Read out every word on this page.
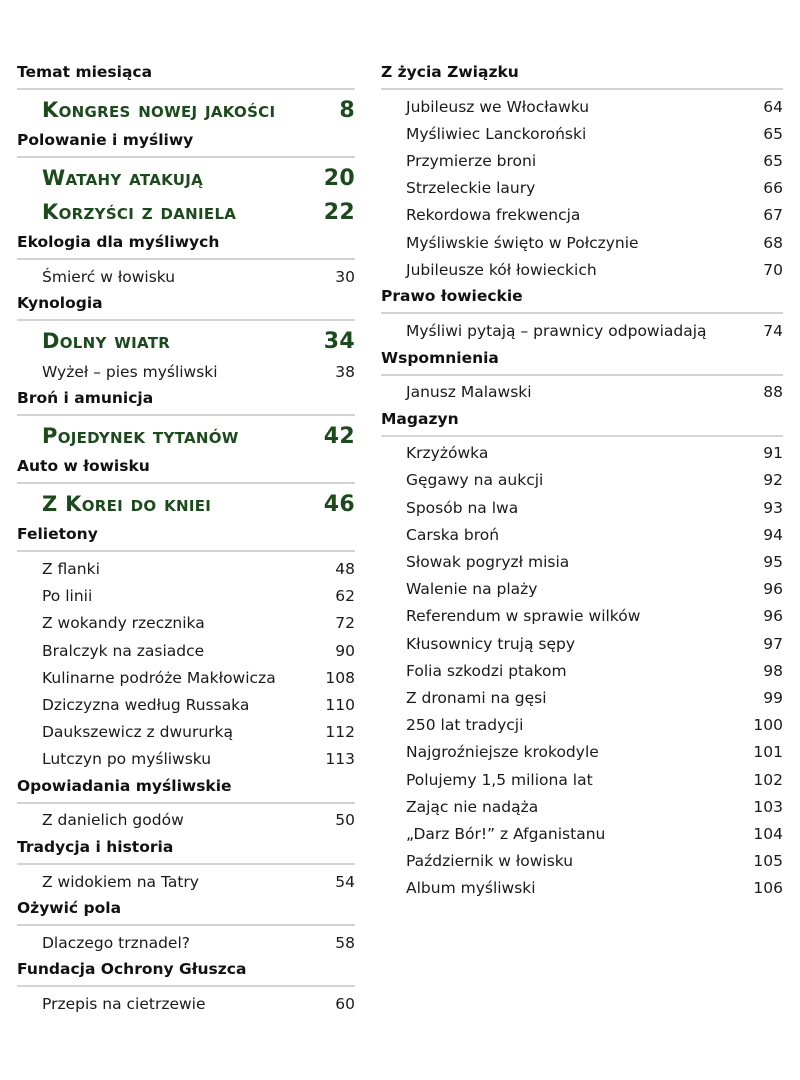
Temat miesiąca
Kongres nowej jakości	8
Polowanie i myśliwy
Watahy atakują	20
Korzyści z daniela	22
Ekologia dla myśliwych
Śmierć w łowisku	30
Kynologia
Dolny wiatr	34
Wyżeł – pies myśliwski	38
Broń i amunicja
Pojedynek tytanów	42
Auto w łowisku
Z Korei do kniei	46
Felietony
Z flanki	48
Po linii	62
Z wokandy rzecznika	72
Bralczyk na zasiadce	90
Kulinarne podróże Makłowicza	108
Dziczyzna według Russaka	110
Daukszewicz z dwururką	112
Lutczyn po myśliwsku	113
Opowiadania myśliwskie
Z danielich godów	50
Tradycja i historia
Z widokiem na Tatry	54
Ożywić pola
Dlaczego trznadel?	58
Fundacja Ochrony Głuszca
Przepis na cietrzewie	60
Z życia Związku
Jubileusz we Włocławku	64
Myśliwiec Lanckoroński	65
Przymierze broni	65
Strzeleckie laury	66
Rekordowa frekwencja	67
Myśliwskie święto w Połczynie	68
Jubileusze kół łowieckich	70
Prawo łowieckie
Myśliwi pytają – prawnicy odpowiadają	74
Wspomnienia
Janusz Malawski	88
Magazyn
Krzyżówka	91
Gęgawy na aukcji	92
Sposób na lwa	93
Carska broń	94
Słowak pogryzł misia	95
Walenie na plaży	96
Referendum w sprawie wilków	96
Kłusownicy trują sępy	97
Folia szkodzi ptakom	98
Z dronami na gęsi	99
250 lat tradycji	100
Najgroźniejsze krokodyle	101
Polujemy 1,5 miliona lat	102
Zając nie nadąża	103
„Darz Bór!” z Afganistanu	104
Październik w łowisku	105
Album myśliwski	106
